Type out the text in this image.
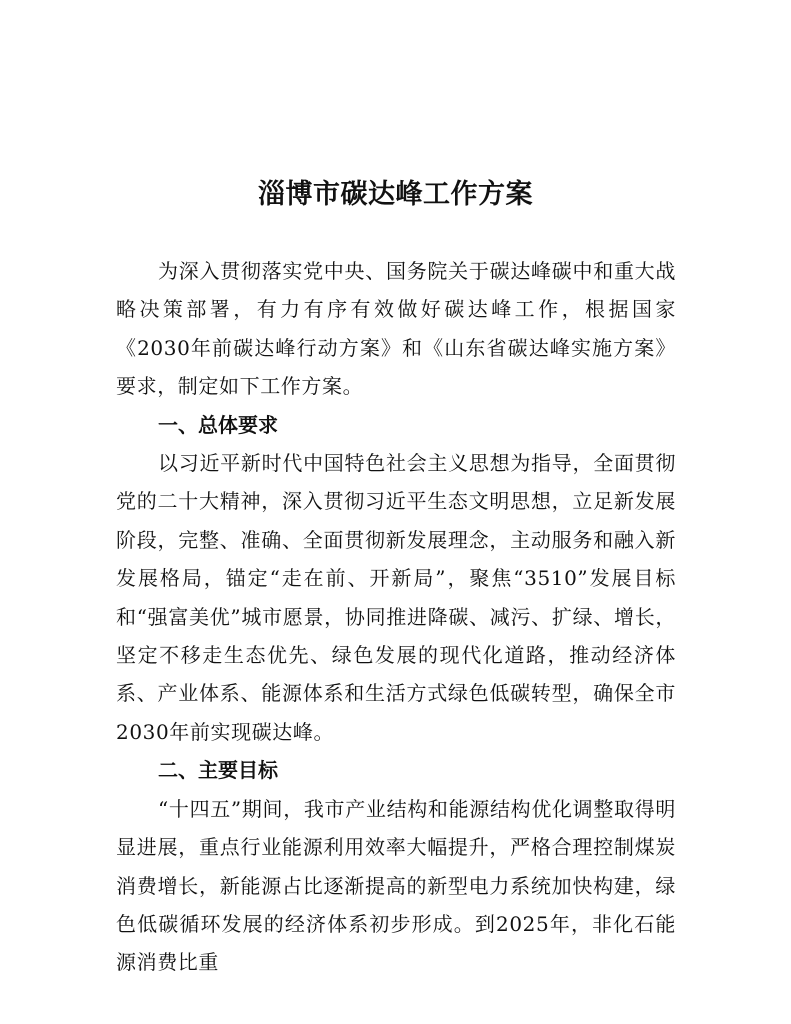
淄博市碳达峰工作方案

为深入贯彻落实党中央、国务院关于碳达峰碳中和重大战略决策部署，有力有序有效做好碳达峰工作，根据国家《2030年前碳达峰行动方案》和《山东省碳达峰实施方案》要求，制定如下工作方案。

一、总体要求

以习近平新时代中国特色社会主义思想为指导，全面贯彻党的二十大精神，深入贯彻习近平生态文明思想，立足新发展阶段，完整、准确、全面贯彻新发展理念，主动服务和融入新发展格局，锚定“走在前、开新局”，聚焦“3510”发展目标和“强富美优”城市愿景，协同推进降碳、减污、扩绿、增长，坚定不移走生态优先、绿色发展的现代化道路，推动经济体系、产业体系、能源体系和生活方式绿色低碳转型，确保全市2030年前实现碳达峰。

二、主要目标

“十四五”期间，我市产业结构和能源结构优化调整取得明显进展，重点行业能源利用效率大幅提升，严格合理控制煤炭消费增长，新能源占比逐渐提高的新型电力系统加快构建，绿色低碳循环发展的经济体系初步形成。到2025年，非化石能源消费比重
